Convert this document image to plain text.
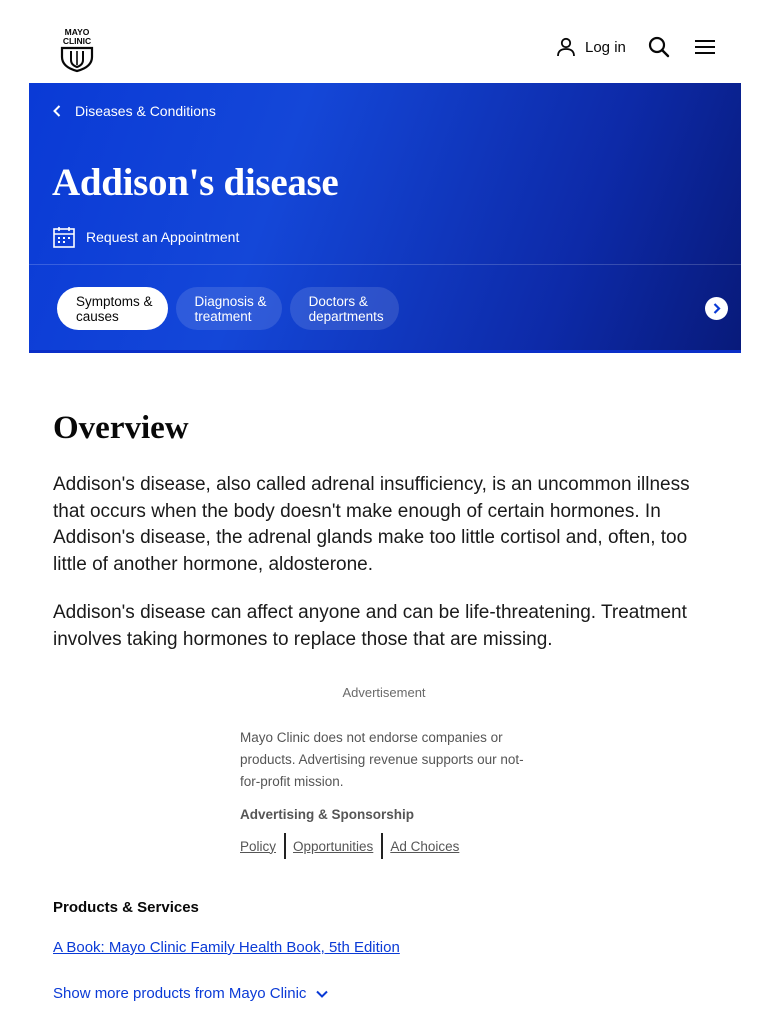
MAYO
CLINIC	Log in
Diseases & Conditions
Addison's disease
Request an Appointment
Symptoms &
causes
Diagnosis &
treatment
Doctors &
departments
Overview

Addison's disease, also called adrenal insufficiency, is an uncommon illness that occurs when the body doesn't make enough of certain hormones. In Addison's disease, the adrenal glands make too little cortisol and, often, too little of another hormone, aldosterone.

Addison's disease can affect anyone and can be life-threatening. Treatment involves taking hormones to replace those that are missing.

Advertisement
Mayo Clinic does not endorse companies or products. Advertising revenue supports our not-for-profit mission.
Advertising & Sponsorship
Policy Opportunities Ad Choices
Products & Services
A Book: Mayo Clinic Family Health Book, 5th Edition
Show more products from Mayo Clinic
